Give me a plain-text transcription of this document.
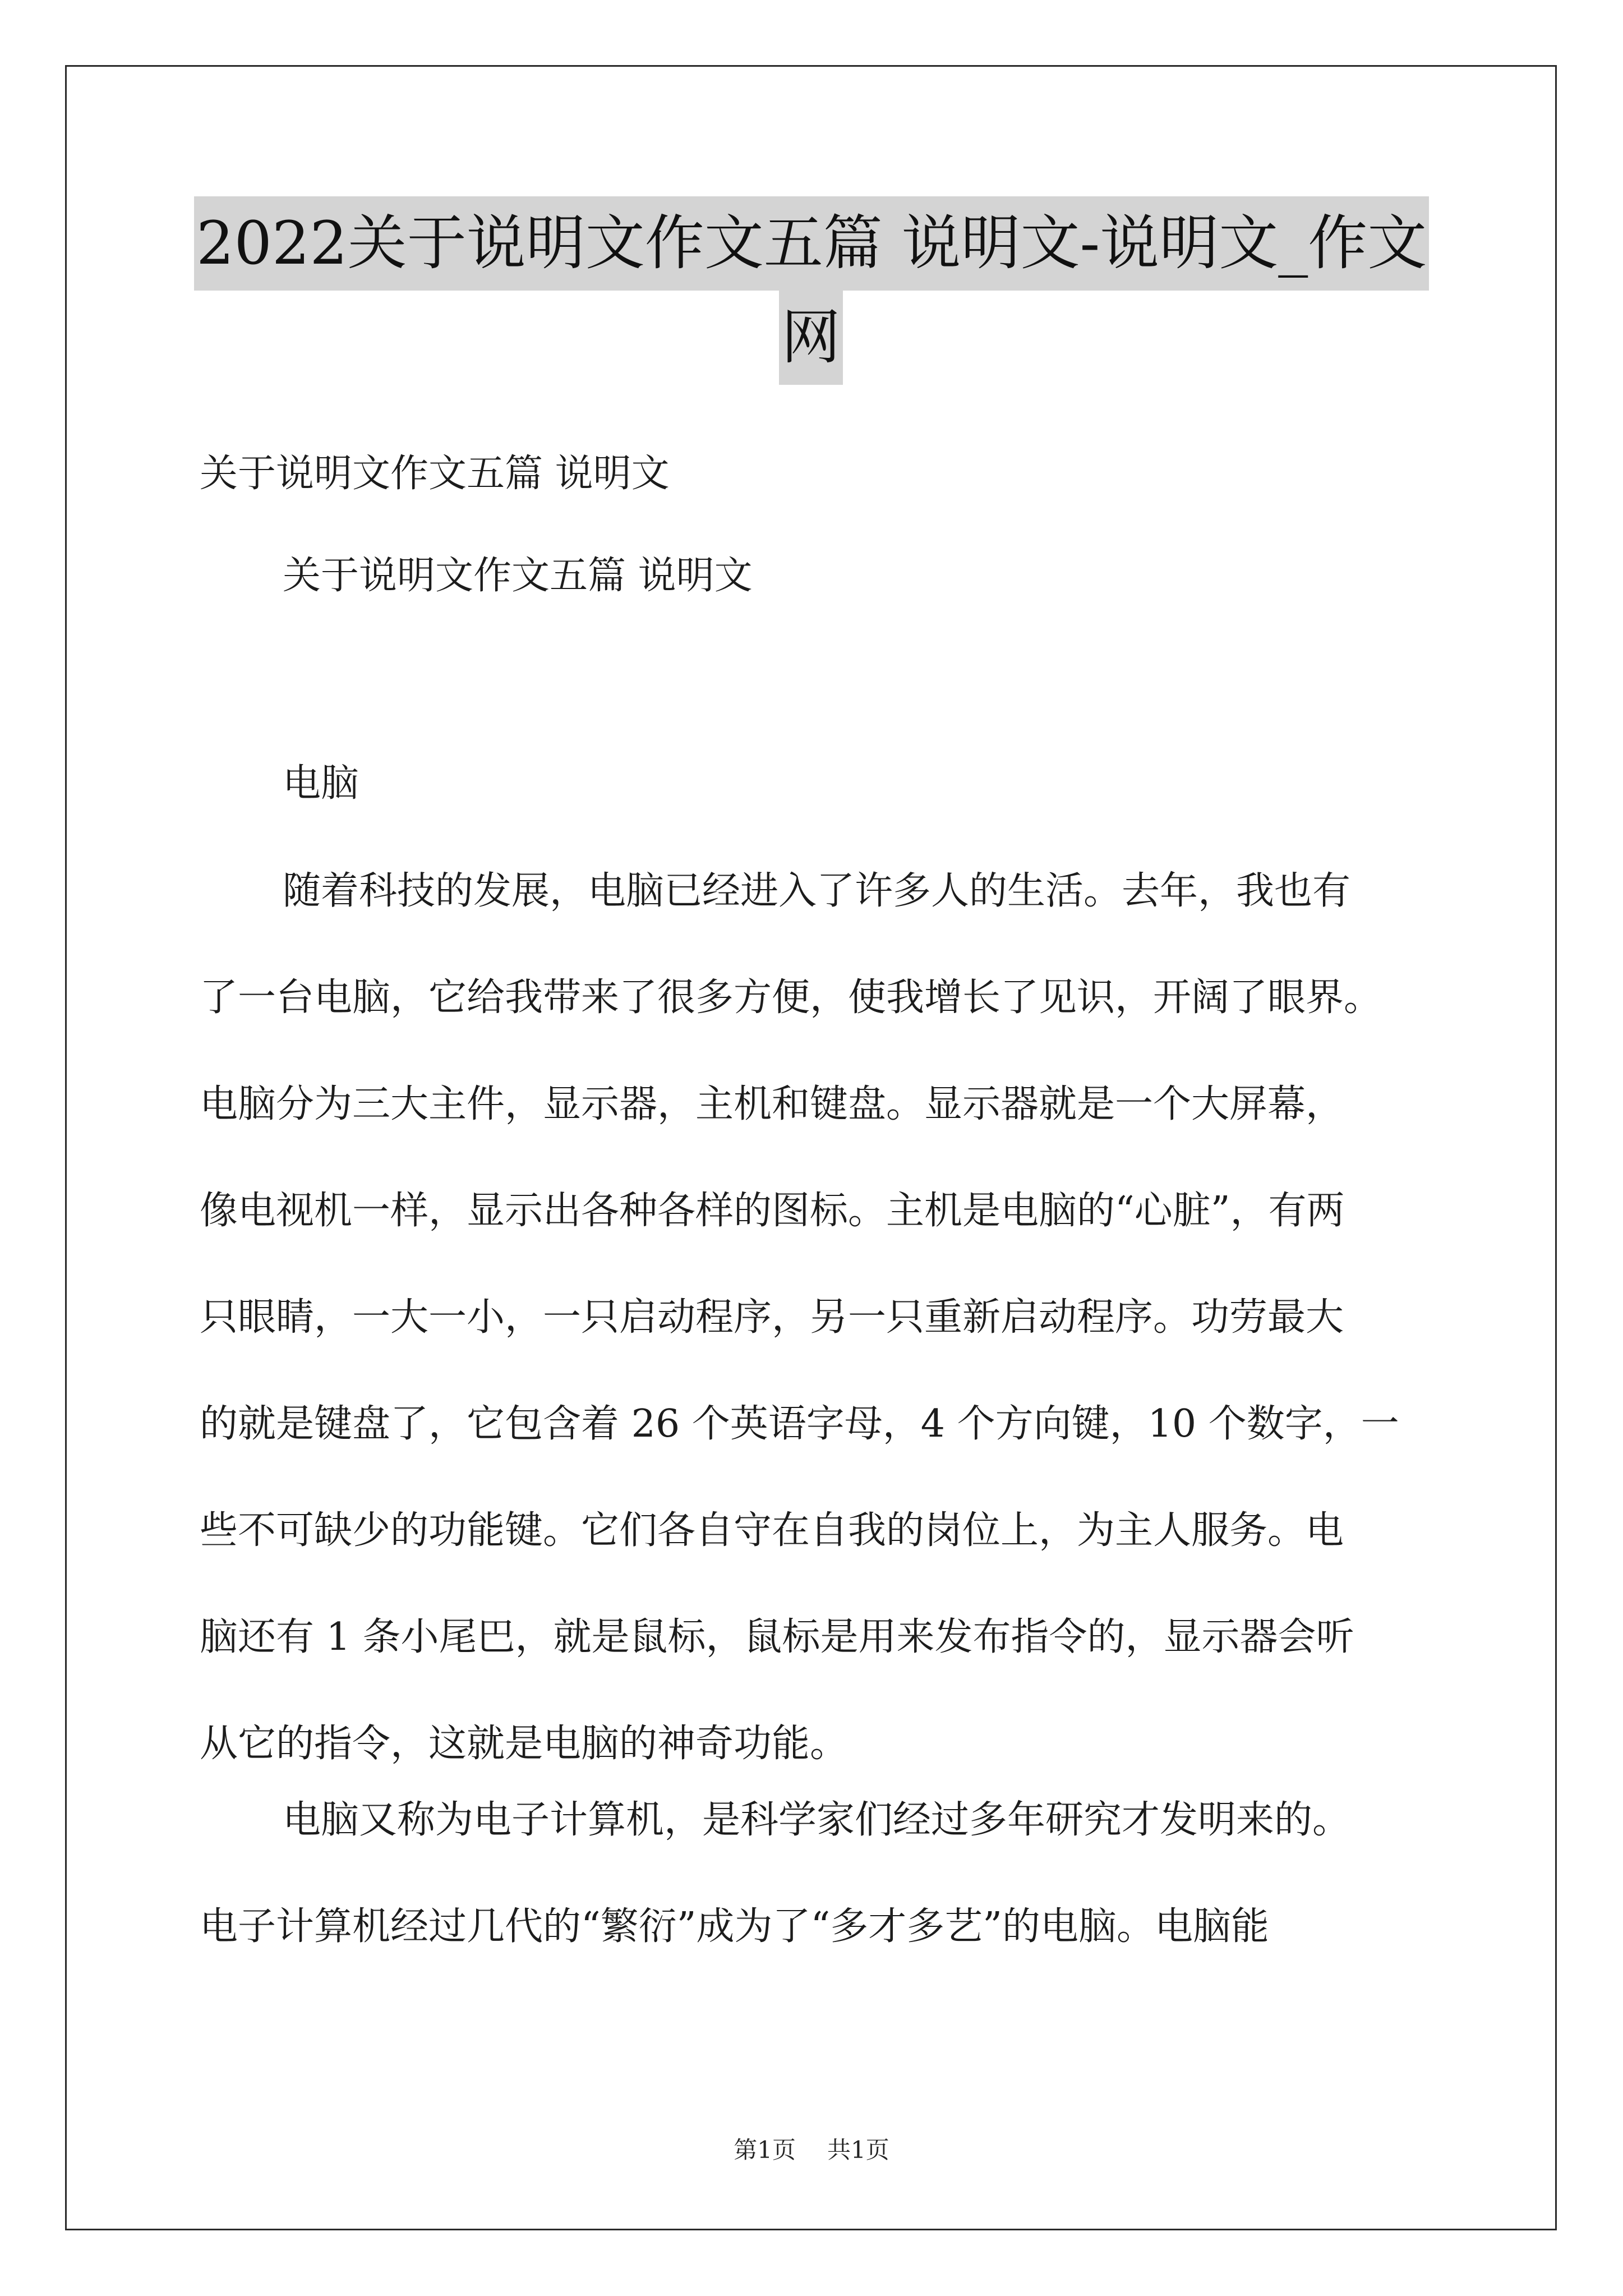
2022关于说明文作文五篇 说明文-说明文_作文
网
关于说明文作文五篇 说明文
关于说明文作文五篇 说明文
电脑
随着科技的发展，电脑已经进入了许多人的生活。去年，我也有
了一台电脑，它给我带来了很多方便，使我增长了见识，开阔了眼界。
电脑分为三大主件，显示器，主机和键盘。显示器就是一个大屏幕，
像电视机一样，显示出各种各样的图标。主机是电脑的“心脏”，有两
只眼睛，一大一小，一只启动程序，另一只重新启动程序。功劳最大
的就是键盘了，它包含着 26 个英语字母，4 个方向键，10 个数字，一
些不可缺少的功能键。它们各自守在自我的岗位上，为主人服务。电
脑还有 1 条小尾巴，就是鼠标，鼠标是用来发布指令的，显示器会听
从它的指令，这就是电脑的神奇功能。
电脑又称为电子计算机，是科学家们经过多年研究才发明来的。
电子计算机经过几代的“繁衍”成为了“多才多艺”的电脑。电脑能
第1页 共1页
